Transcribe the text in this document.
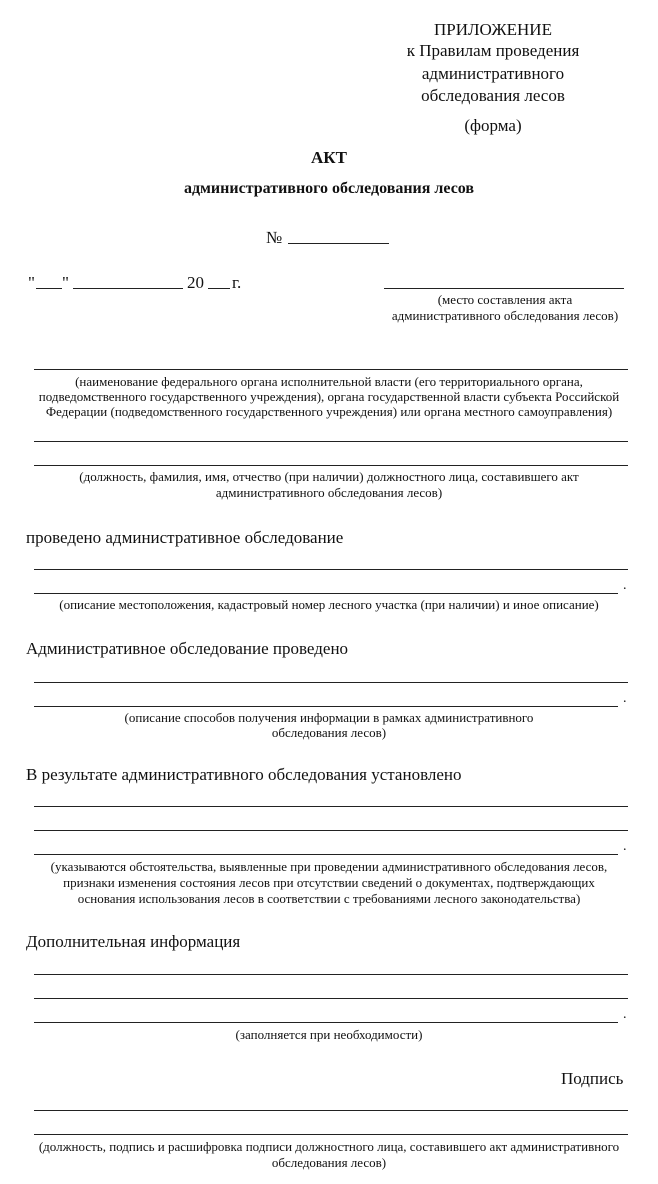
ПРИЛОЖЕНИЕ
к Правилам проведения
административного
обследования лесов
(форма)
АКТ
административного обследования лесов
№
" "	20 г.
(место составления акта
административного обследования лесов)
(наименование федерального органа исполнительной власти (его территориального органа,
подведомственного государственного учреждения), органа государственной власти субъекта Российской
Федерации (подведомственного государственного учреждения) или органа местного самоуправления)
(должность, фамилия, имя, отчество (при наличии) должностного лица, составившего акт
административного обследования лесов)
проведено административное обследование
.
(описание местоположения, кадастровый номер лесного участка (при наличии) и иное описание)
Административное обследование проведено
.
(описание способов получения информации в рамках административного
обследования лесов)
В результате административного обследования установлено
.
(указываются обстоятельства, выявленные при проведении административного обследования лесов,
признаки изменения состояния лесов при отсутствии сведений о документах, подтверждающих
основания использования лесов в соответствии с требованиями лесного законодательства)
Дополнительная информация
.
(заполняется при необходимости)
Подпись
(должность, подпись и расшифровка подписи должностного лица, составившего акт административного
обследования лесов)
